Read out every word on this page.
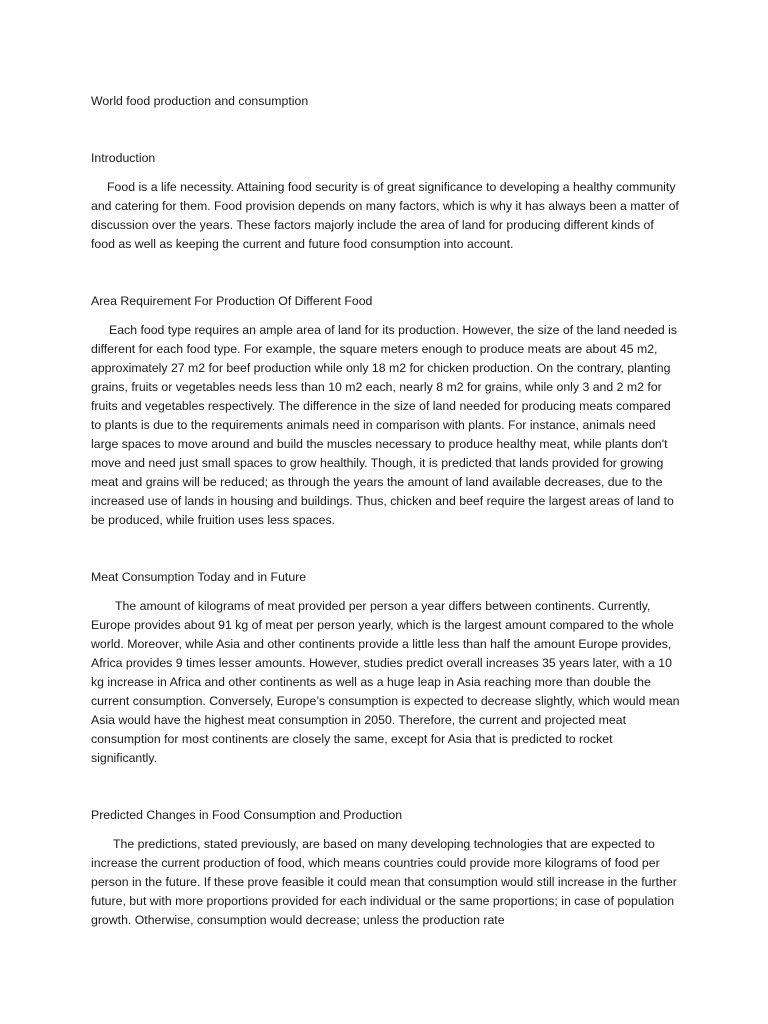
World food production and consumption
Introduction

Food is a life necessity. Attaining food security is of great significance to developing a healthy community and catering for them. Food provision depends on many factors, which is why it has always been a matter of discussion over the years. These factors majorly include the area of land for producing different kinds of food as well as keeping the current and future food consumption into account.

Area Requirement For Production Of Different Food

Each food type requires an ample area of land for its production. However, the size of the land needed is different for each food type. For example, the square meters enough to produce meats are about 45 m2, approximately 27 m2 for beef production while only 18 m2 for chicken production. On the contrary, planting grains, fruits or vegetables needs less than 10 m2 each, nearly 8 m2 for grains, while only 3 and 2 m2 for fruits and vegetables respectively. The difference in the size of land needed for producing meats compared to plants is due to the requirements animals need in comparison with plants. For instance, animals need large spaces to move around and build the muscles necessary to produce healthy meat, while plants don't move and need just small spaces to grow healthily. Though, it is predicted that lands provided for growing meat and grains will be reduced; as through the years the amount of land available decreases, due to the increased use of lands in housing and buildings. Thus, chicken and beef require the largest areas of land to be produced, while fruition uses less spaces.

Meat Consumption Today and in Future

The amount of kilograms of meat provided per person a year differs between continents. Currently, Europe provides about 91 kg of meat per person yearly, which is the largest amount compared to the whole world. Moreover, while Asia and other continents provide a little less than half the amount Europe provides, Africa provides 9 times lesser amounts. However, studies predict overall increases 35 years later, with a 10 kg increase in Africa and other continents as well as a huge leap in Asia reaching more than double the current consumption. Conversely, Europe’s consumption is expected to decrease slightly, which would mean Asia would have the highest meat consumption in 2050. Therefore, the current and projected meat consumption for most continents are closely the same, except for Asia that is predicted to rocket significantly.

Predicted Changes in Food Consumption and Production

The predictions, stated previously, are based on many developing technologies that are expected to increase the current production of food, which means countries could provide more kilograms of food per person in the future. If these prove feasible it could mean that consumption would still increase in the further future, but with more proportions provided for each individual or the same proportions; in case of population growth. Otherwise, consumption would decrease; unless the production rate
